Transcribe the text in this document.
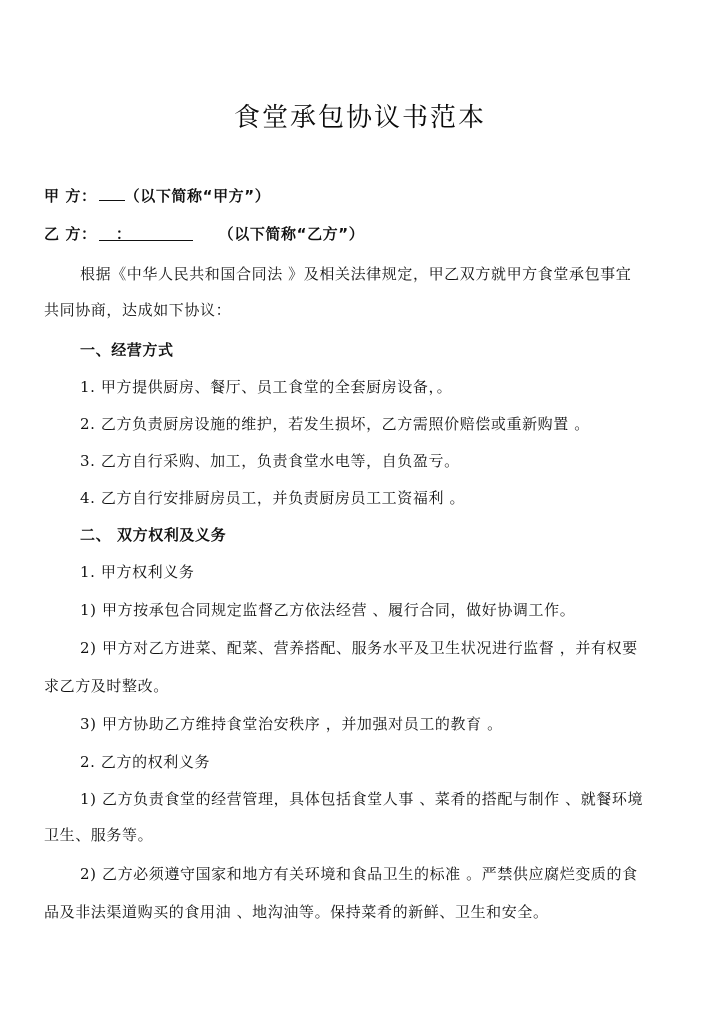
食堂承包协议书范本
甲 方： （以下简称“甲方”）
乙 方： ：	（以下简称“乙方”）
根据《中华人民共和国合同法 》及相关法律规定，甲乙双方就甲方食堂承包事宜
共同协商，达成如下协议：
一、经营方式
1. 甲方提供厨房、餐厅、员工食堂的全套厨房设备，。
2. 乙方负责厨房设施的维护，若发生损坏，乙方需照价赔偿或重新购置 。
3. 乙方自行采购、加工，负责食堂水电等，自负盈亏。
4. 乙方自行安排厨房员工，并负责厨房员工工资福利 。
二、 双方权利及义务
1. 甲方权利义务
1) 甲方按承包合同规定监督乙方依法经营 、履行合同，做好协调工作。
2) 甲方对乙方进菜、配菜、营养搭配、服务水平及卫生状况进行监督 ，并有权要
求乙方及时整改。
3) 甲方协助乙方维持食堂治安秩序 ，并加强对员工的教育 。
2. 乙方的权利义务
1) 乙方负责食堂的经营管理，具体包括食堂人事 、菜肴的搭配与制作 、就餐环境
卫生、服务等。
2) 乙方必须遵守国家和地方有关环境和食品卫生的标准 。严禁供应腐烂变质的食
品及非法渠道购买的食用油 、地沟油等。保持菜肴的新鲜、卫生和安全。
